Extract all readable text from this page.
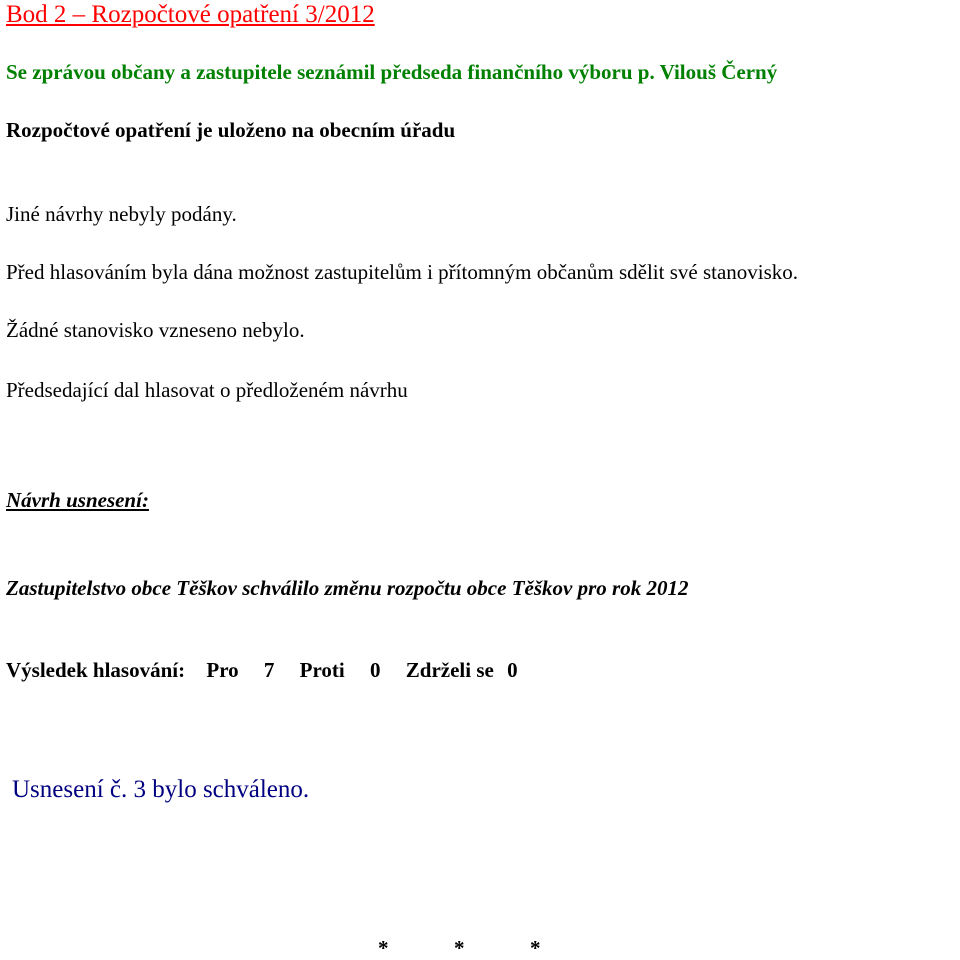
Bod 2 – Rozpočtové opatření 3/2012
Se zprávou občany a zastupitele seznámil předseda finančního výboru p. Vilouš Černý
Rozpočtové opatření je uloženo na obecním úřadu
Jiné návrhy nebyly podány.
Před hlasováním byla dána možnost zastupitelům i přítomným občanům sdělit své stanovisko.
Žádné stanovisko vzneseno nebylo.
Předsedající dal hlasovat o předloženém návrhu
Návrh usnesení:
Zastupitelstvo obce Těškov schválilo změnu rozpočtu obce Těškov pro rok 2012
Výsledek hlasování: Pro 7 Proti 0 Zdrželi se 0
Usnesení č. 3 bylo schváleno.
*	*	*
